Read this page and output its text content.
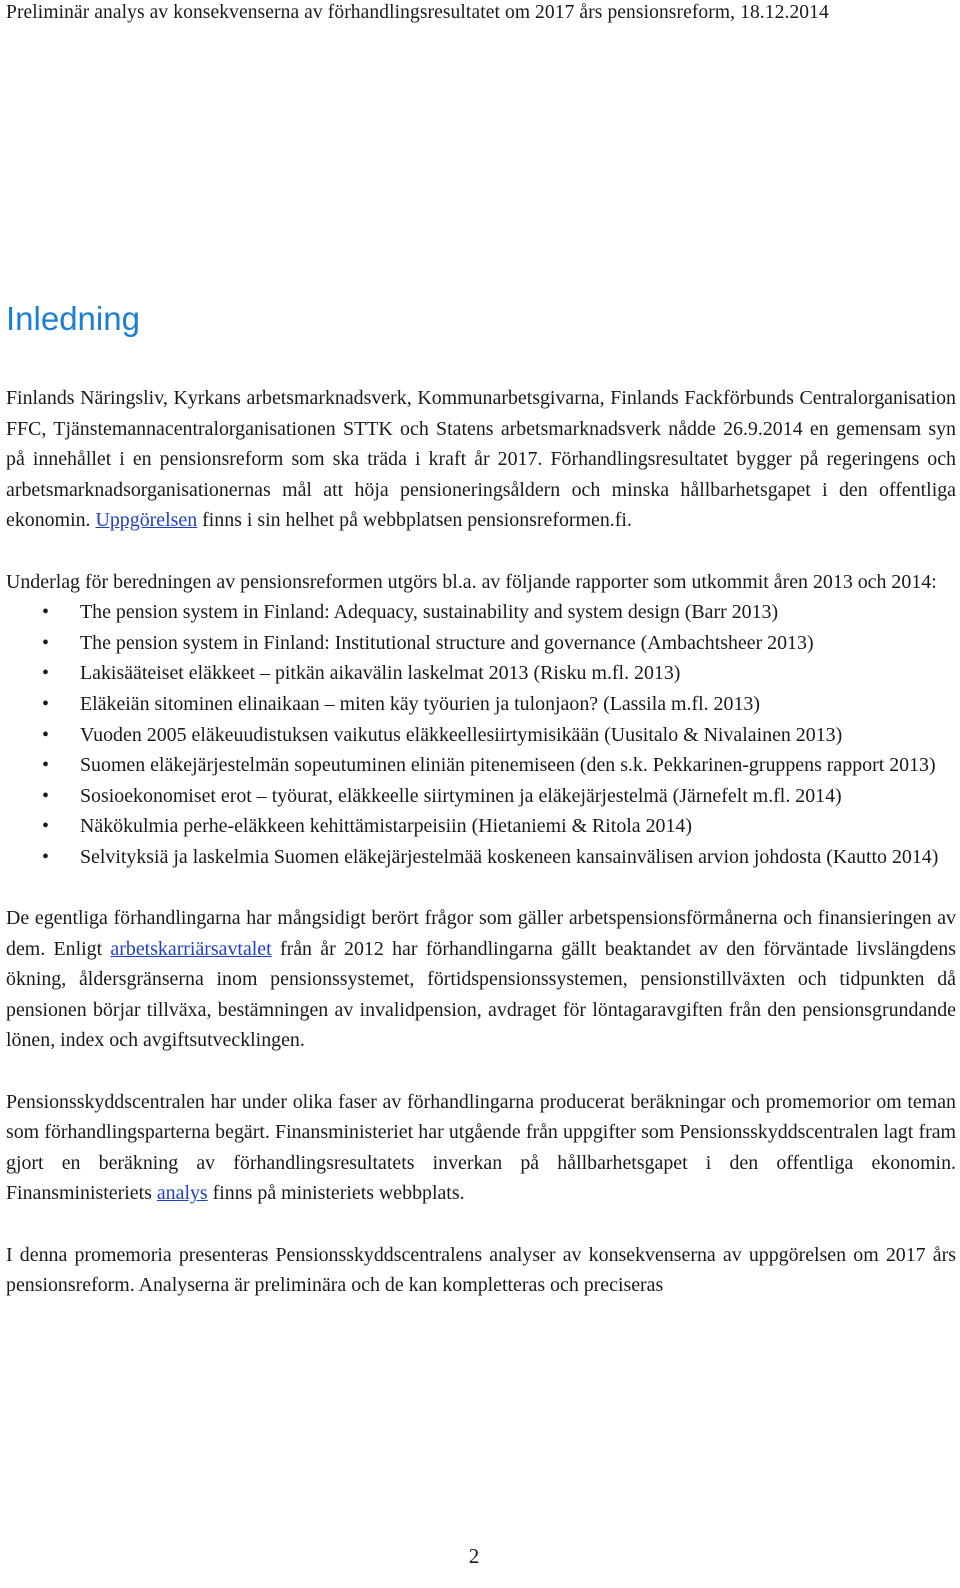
Preliminär analys av konsekvenserna av förhandlingsresultatet om 2017 års pensionsreform, 18.12.2014
Inledning

Finlands Näringsliv, Kyrkans arbetsmarknadsverk, Kommunarbetsgivarna, Finlands Fackförbunds Centralorganisation FFC, Tjänstemannacentralorganisationen STTK och Statens arbetsmarknadsverk nådde 26.9.2014 en gemensam syn på innehållet i en pensionsreform som ska träda i kraft år 2017. Förhandlingsresultatet bygger på regeringens och arbetsmarknadsorganisationernas mål att höja pensioneringsåldern och minska hållbarhetsgapet i den offentliga ekonomin. Uppgörelsen finns i sin helhet på webbplatsen pensionsreformen.fi.

Underlag för beredningen av pensionsreformen utgörs bl.a. av följande rapporter som utkommit åren 2013 och 2014:

• The pension system in Finland: Adequacy, sustainability and system design (Barr 2013)
• The pension system in Finland: Institutional structure and governance (Ambachtsheer 2013)
• Lakisääteiset eläkkeet – pitkän aikavälin laskelmat 2013 (Risku m.fl. 2013)
• Eläkeiän sitominen elinaikaan – miten käy työurien ja tulonjaon? (Lassila m.fl. 2013)
• Vuoden 2005 eläkeuudistuksen vaikutus eläkkeellesiirtymisikään (Uusitalo & Nivalainen 2013)
• Suomen eläkejärjestelmän sopeutuminen eliniän pitenemiseen (den s.k. Pekkarinen-gruppens rapport 2013)
• Sosioekonomiset erot – työurat, eläkkeelle siirtyminen ja eläkejärjestelmä (Järnefelt m.fl. 2014)
• Näkökulmia perhe-eläkkeen kehittämistarpeisiin (Hietaniemi & Ritola 2014)
• Selvityksiä ja laskelmia Suomen eläkejärjestelmää koskeneen kansainvälisen arvion johdosta (Kautto 2014)

De egentliga förhandlingarna har mångsidigt berört frågor som gäller arbetspensionsförmånerna och finansieringen av dem. Enligt arbetskarriärsavtalet från år 2012 har förhandlingarna gällt beaktandet av den förväntade livslängdens ökning, åldersgränserna inom pensionssystemet, förtidspensionssystemen, pensionstillväxten och tidpunkten då pensionen börjar tillväxa, bestämningen av invalidpension, avdraget för löntagaravgiften från den pensionsgrundande lönen, index och avgiftsutvecklingen.

Pensionsskyddscentralen har under olika faser av förhandlingarna producerat beräkningar och promemorior om teman som förhandlingsparterna begärt. Finansministeriet har utgående från uppgifter som Pensionsskyddscentralen lagt fram gjort en beräkning av förhandlingsresultatets inverkan på hållbarhetsgapet i den offentliga ekonomin. Finansministeriets analys finns på ministeriets webbplats.

I denna promemoria presenteras Pensionsskyddscentralens analyser av konsekvenserna av uppgörelsen om 2017 års pensionsreform. Analyserna är preliminära och de kan kompletteras och preciseras

2
